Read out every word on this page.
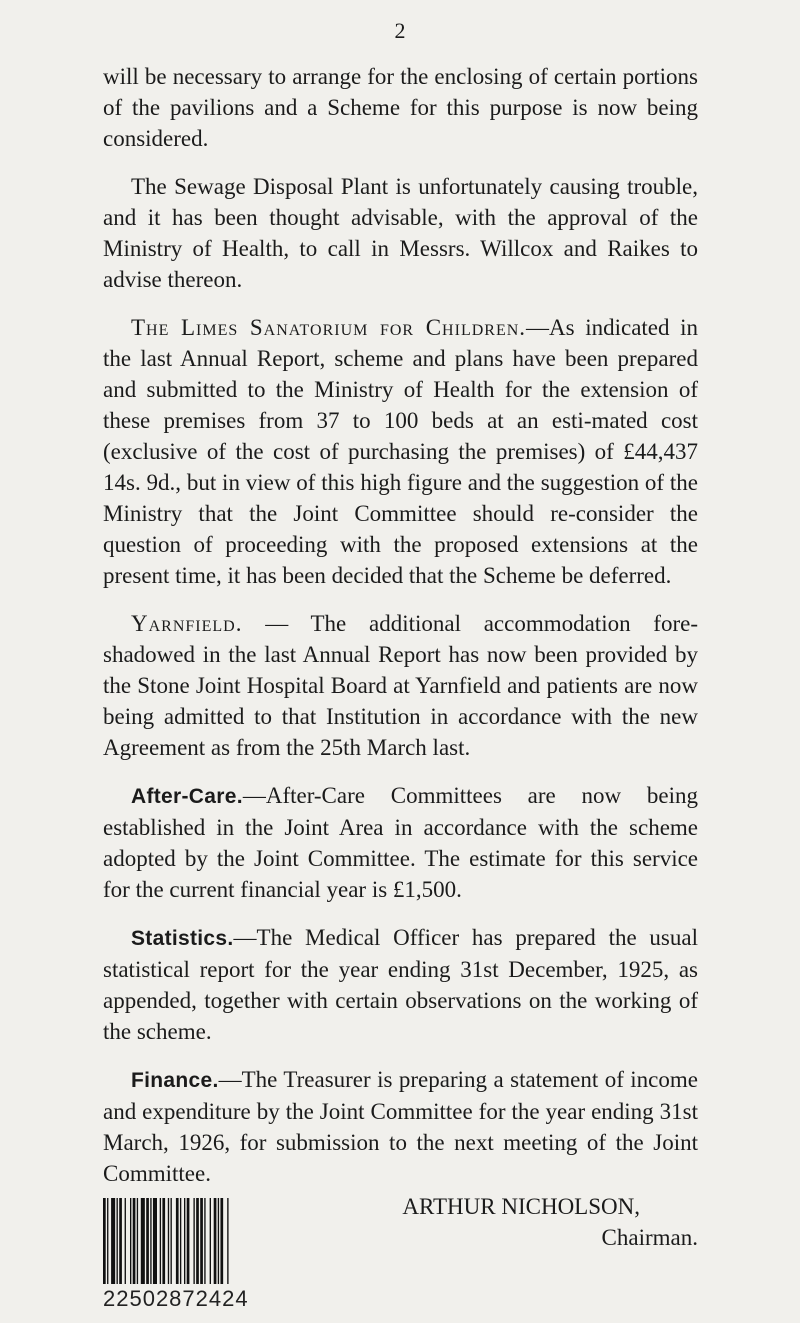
2

will be necessary to arrange for the enclosing of certain portions of the pavilions and a Scheme for this purpose is now being considered.

The Sewage Disposal Plant is unfortunately causing trouble, and it has been thought advisable, with the approval of the Ministry of Health, to call in Messrs. Willcox and Raikes to advise thereon.

The Limes Sanatorium for Children.—As indicated in the last Annual Report, scheme and plans have been prepared and submitted to the Ministry of Health for the extension of these premises from 37 to 100 beds at an esti-mated cost (exclusive of the cost of purchasing the premises) of £44,437 14s. 9d., but in view of this high figure and the suggestion of the Ministry that the Joint Committee should re-consider the question of proceeding with the proposed extensions at the present time, it has been decided that the Scheme be deferred.

Yarnfield. — The additional accommodation fore-shadowed in the last Annual Report has now been provided by the Stone Joint Hospital Board at Yarnfield and patients are now being admitted to that Institution in accordance with the new Agreement as from the 25th March last.

After-Care.—After-Care Committees are now being established in the Joint Area in accordance with the scheme adopted by the Joint Committee. The estimate for this service for the current financial year is £1,500.

Statistics.—The Medical Officer has prepared the usual statistical report for the year ending 31st December, 1925, as appended, together with certain observations on the working of the scheme.

Finance.—The Treasurer is preparing a statement of income and expenditure by the Joint Committee for the year ending 31st March, 1926, for submission to the next meeting of the Joint Committee.

ARTHUR NICHOLSON,
Chairman.
22502872424
